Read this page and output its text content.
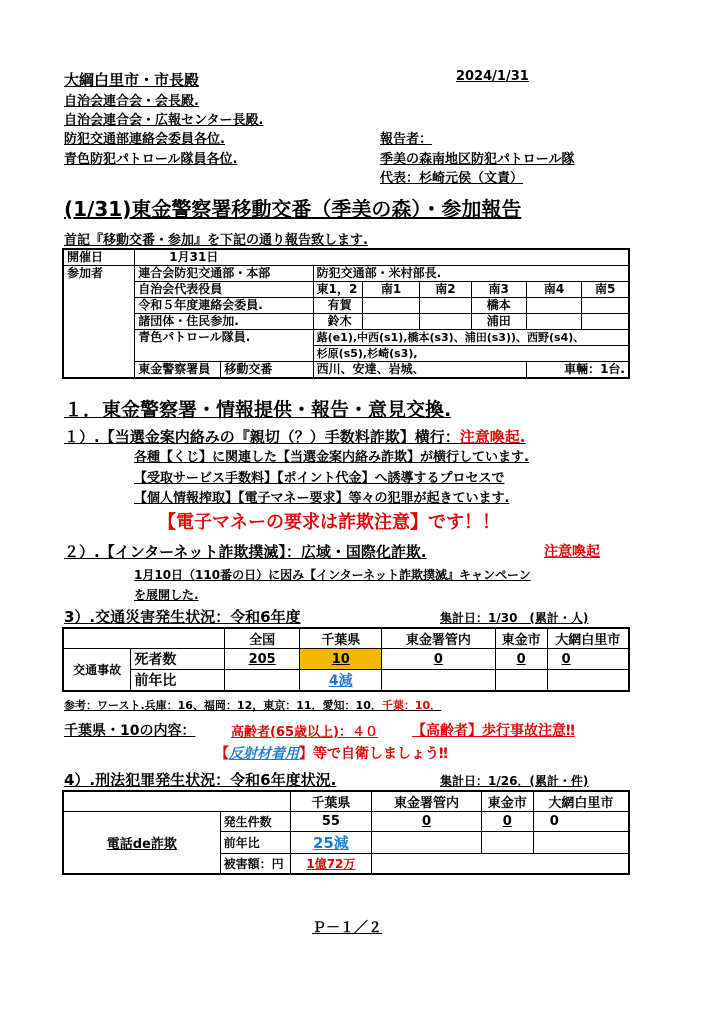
大綱白里市・市長殿	2024/1/31
自治会連合会・会長殿.
自治会連合会・広報センター長殿.
防犯交通部連絡会委員各位.
青色防犯パトロール隊員各位.
報告者：
季美の森南地区防犯パトロール隊
代表：杉崎元侯（文責）
(1/31)東金警察署移動交番（季美の森）・参加報告
首記『移動交番・参加』を下記の通り報告致します.
開催日	1月31日							
参加者	連合会防犯交通部・本部		防犯交通部・米村部長.					
	自治会代表役員		東1，2	南1	南2	南3	南4	南5
	令和５年度連絡会委員.		有賀			橋本		
	諸団体・住民参加.		鈴木			浦田		
	青色パトロール隊員.		蕗(e1),中西(s1),橋本(s3)、浦田(s3))、西野(s4)、					
			杉原(s5),杉崎(s3),					
	東金警察署員	移動交番	西川、安達、岩城、				車輛：1台.	
１．東金警察署・情報提供・報告・意見交換.
１）.【当選金案内絡みの『親切（？）手数料詐欺】横行：注意喚起.
各種【くじ】に関連した【当選金案内絡み詐欺】が横行しています.
【受取サービス手数料】【ポイント代金】へ誘導するプロセスで
【個人情報搾取】【電子マネー要求】等々の犯罪が起きています.
【電子マネーの要求は詐欺注意】です！！
２）.【インターネット詐欺撲滅】：広域・国際化詐欺.	注意喚起
1月10日（110番の日）に因み【インターネット詐欺撲滅』キャンペーン
を展開した.
3）.交通災害発生状況：令和6年度	集計日：1/30　(累計・人)
		全国	千葉県	東金署管内	東金市	大網白里市
交通事故	死者数	205	10	0	0	0
	前年比		4減			
参考：ワースト.兵庫：16、福岡：12，東京：11．愛知：10．千葉：10．
千葉県・10の内容：	高齢者(65歳以上)：４０ 【高齢者】歩行事故注意‼
【反射材着用】等で自衛しましょう‼
4）.刑法犯罪発生状況：令和6年度状況.	集計日：1/26．(累計・件)
		千葉県	東金署管内	東金市	大網白里市
電話de詐欺	発生件数	55	0	0	0
	前年比	25減			
	被害額：円	1億72万			
Ｐ－１／２
